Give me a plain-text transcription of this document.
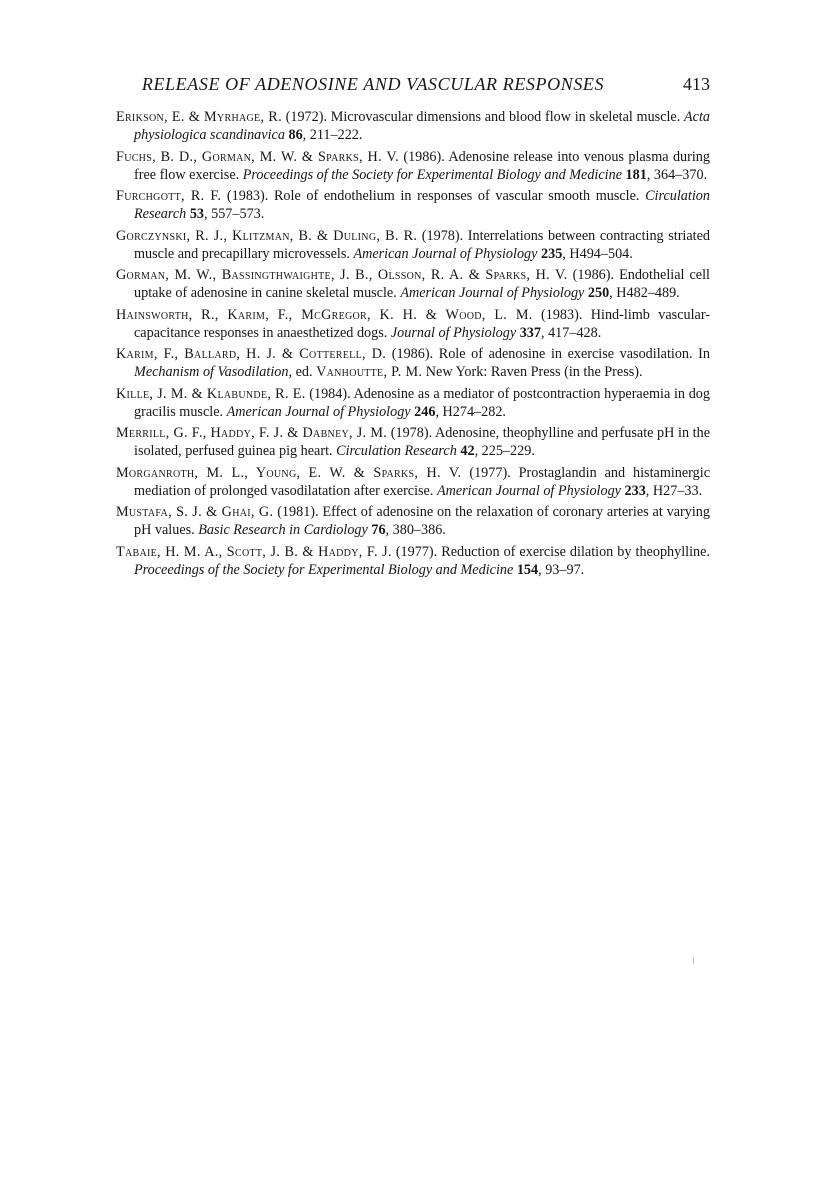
RELEASE OF ADENOSINE AND VASCULAR RESPONSES	413
Erikson, E. & Myrhage, R. (1972). Microvascular dimensions and blood flow in skeletal muscle. Acta physiologica scandinavica 86, 211–222.
Fuchs, B. D., Gorman, M. W. & Sparks, H. V. (1986). Adenosine release into venous plasma during free flow exercise. Proceedings of the Society for Experimental Biology and Medicine 181, 364–370.
Furchgott, R. F. (1983). Role of endothelium in responses of vascular smooth muscle. Circulation Research 53, 557–573.
Gorczynski, R. J., Klitzman, B. & Duling, B. R. (1978). Interrelations between contracting striated muscle and precapillary microvessels. American Journal of Physiology 235, H494–504.
Gorman, M. W., Bassingthwaighte, J. B., Olsson, R. A. & Sparks, H. V. (1986). Endothelial cell uptake of adenosine in canine skeletal muscle. American Journal of Physiology 250, H482–489.
Hainsworth, R., Karim, F., McGregor, K. H. & Wood, L. M. (1983). Hind-limb vascular-capacitance responses in anaesthetized dogs. Journal of Physiology 337, 417–428.
Karim, F., Ballard, H. J. & Cotterell, D. (1986). Role of adenosine in exercise vasodilation. In Mechanism of Vasodilation, ed. Vanhoutte, P. M. New York: Raven Press (in the Press).
Kille, J. M. & Klabunde, R. E. (1984). Adenosine as a mediator of postcontraction hyperaemia in dog gracilis muscle. American Journal of Physiology 246, H274–282.
Merrill, G. F., Haddy, F. J. & Dabney, J. M. (1978). Adenosine, theophylline and perfusate pH in the isolated, perfused guinea pig heart. Circulation Research 42, 225–229.
Morganroth, M. L., Young, E. W. & Sparks, H. V. (1977). Prostaglandin and histaminergic mediation of prolonged vasodilatation after exercise. American Journal of Physiology 233, H27–33.
Mustafa, S. J. & Ghai, G. (1981). Effect of adenosine on the relaxation of coronary arteries at varying pH values. Basic Research in Cardiology 76, 380–386.
Tabaie, H. M. A., Scott, J. B. & Haddy, F. J. (1977). Reduction of exercise dilation by theophylline. Proceedings of the Society for Experimental Biology and Medicine 154, 93–97.
